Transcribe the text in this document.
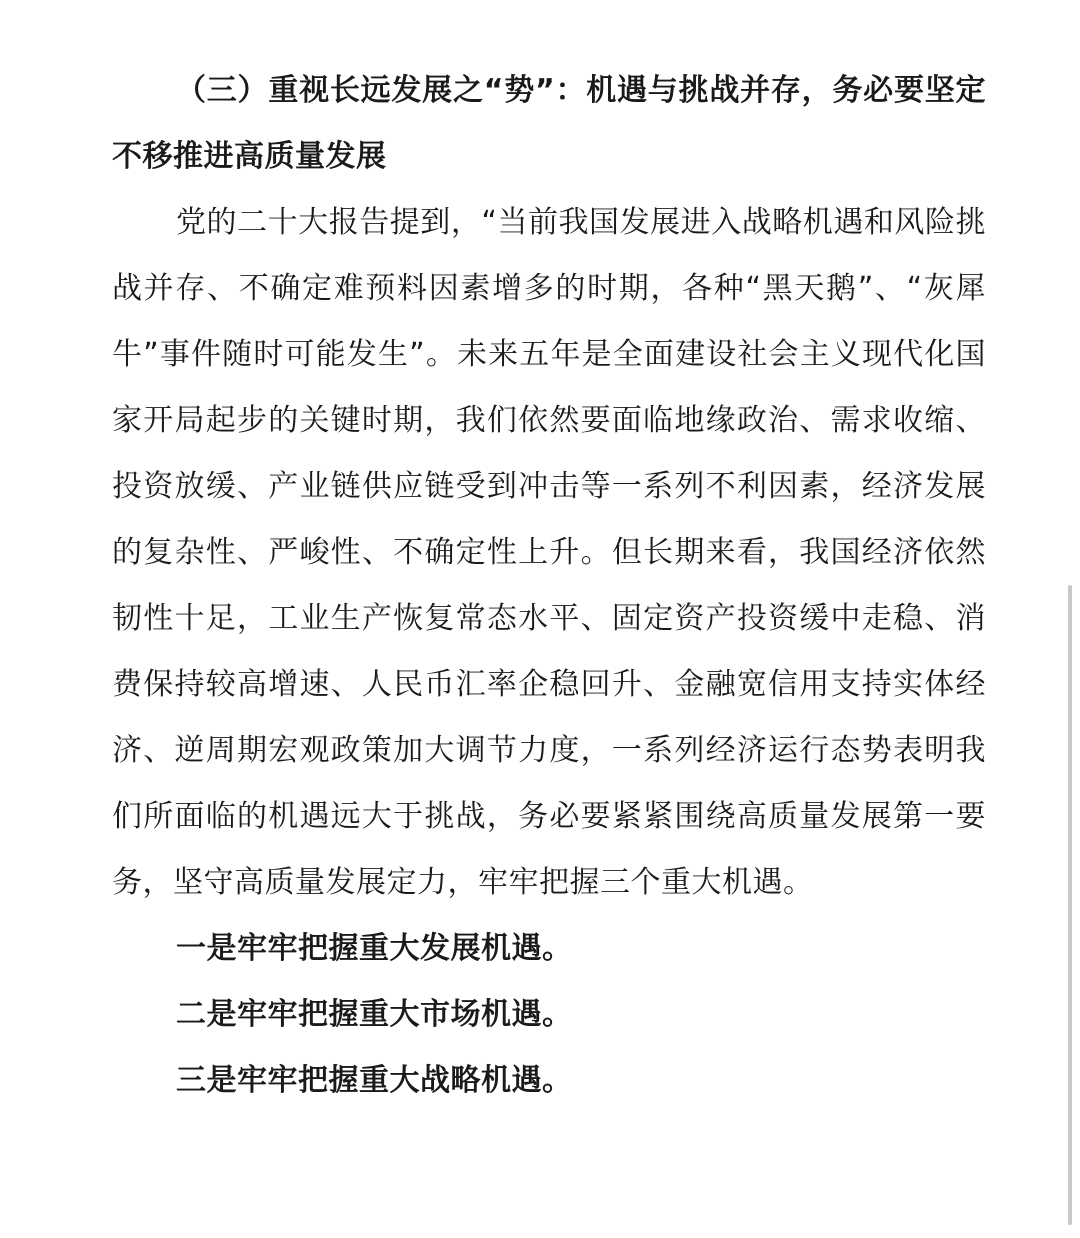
（三）重视长远发展之“势”：机遇与挑战并存，务必要坚定不移推进高质量发展

党的二十大报告提到，“当前我国发展进入战略机遇和风险挑战并存、不确定难预料因素增多的时期，各种“黑天鹅”、“灰犀牛”事件随时可能发生”。未来五年是全面建设社会主义现代化国家开局起步的关键时期，我们依然要面临地缘政治、需求收缩、投资放缓、产业链供应链受到冲击等一系列不利因素，经济发展的复杂性、严峻性、不确定性上升。但长期来看，我国经济依然韧性十足，工业生产恢复常态水平、固定资产投资缓中走稳、消费保持较高增速、人民币汇率企稳回升、金融宽信用支持实体经济、逆周期宏观政策加大调节力度，一系列经济运行态势表明我们所面临的机遇远大于挑战，务必要紧紧围绕高质量发展第一要务，坚守高质量发展定力，牢牢把握三个重大机遇。

一是牢牢把握重大发展机遇。

二是牢牢把握重大市场机遇。

三是牢牢把握重大战略机遇。
